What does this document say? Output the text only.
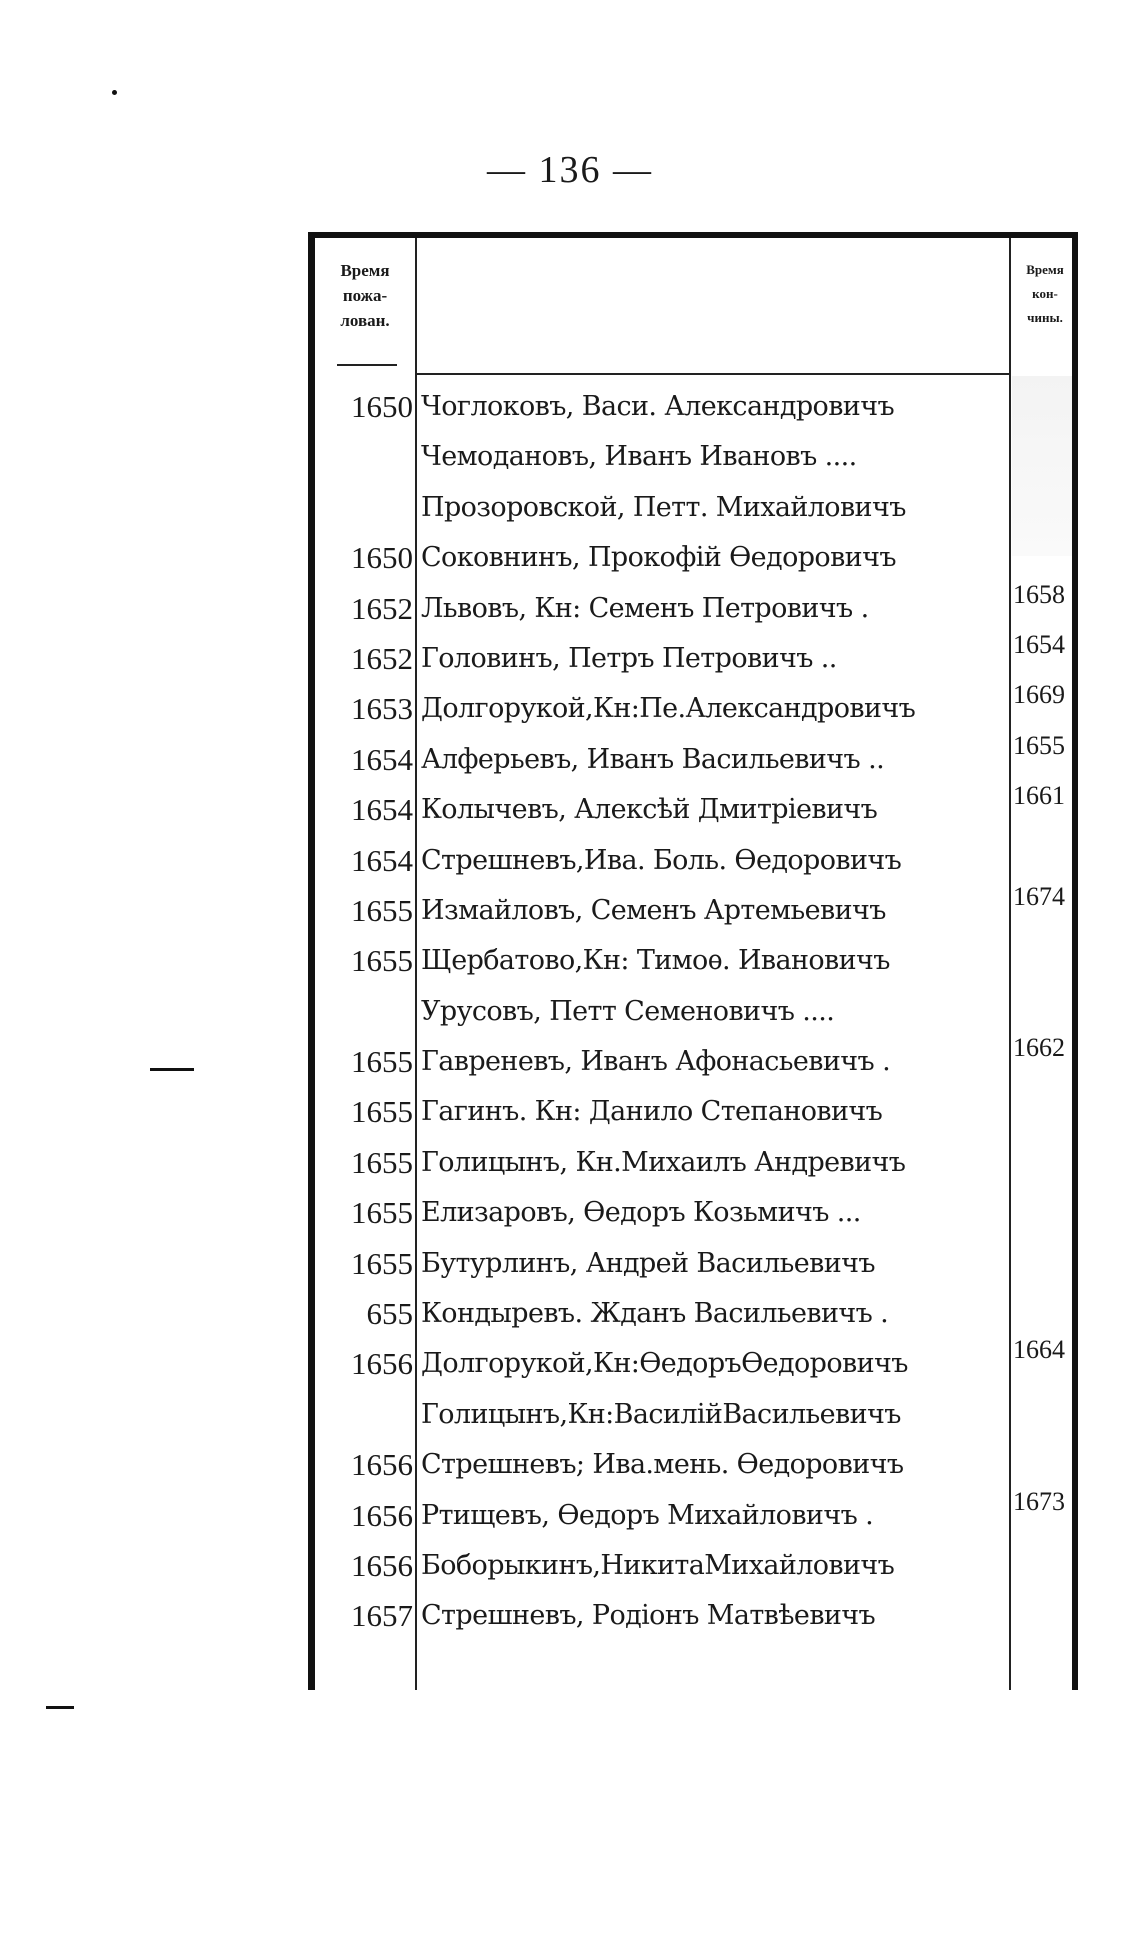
— 136 —
Время
пожа-
лован.
Время
кон-
чины.
1650 Чоглоковъ, Васи. Александровичъ
Чемодановъ, Иванъ Ивановъ ....
Прозоровской, Петт. Михайловичъ
1650 Соковнинъ, Прокофій Ѳедоровичъ
1652 Львовъ, Кн: Семенъ Петровичъ .	1658
1652 Головинъ, Петръ Петровичъ ..	1654
1653 Долгорукой,Кн:Пе.Александровичъ	1669
1654 Алферьевъ, Иванъ Васильевичъ ..	1655
1654 Колычевъ, Алексѣй Дмитріевичъ	1661
1654 Стрешневъ,Ива. Боль. Ѳедоровичъ
1655 Измайловъ, Семенъ Артемьевичъ	1674
1655 Щербатово,Кн: Тимоѳ. Ивановичъ
Урусовъ, Петт Семеновичъ ....
1655 Гавреневъ, Иванъ Афонасьевичъ .	1662
1655 Гагинъ. Кн: Данило Степановичъ
1655 Голицынъ, Кн.Михаилъ Андревичъ
1655 Елизаровъ, Ѳедоръ Козьмичъ ...
1655 Бутурлинъ, Андрей Васильевичъ
655 Кондыревъ. Жданъ Васильевичъ .
1656 Долгорукой,Кн:ѲедоръѲедоровичъ	1664
Голицынъ,Кн:ВасилійВасильевичъ
1656 Стрешневъ; Ива.мень. Ѳедоровичъ
1656 Ртищевъ, Ѳедоръ Михайловичъ .	1673
1656 Боборыкинъ,НикитаМихайловичъ
1657 Стрешневъ, Родіонъ Матвѣевичъ
